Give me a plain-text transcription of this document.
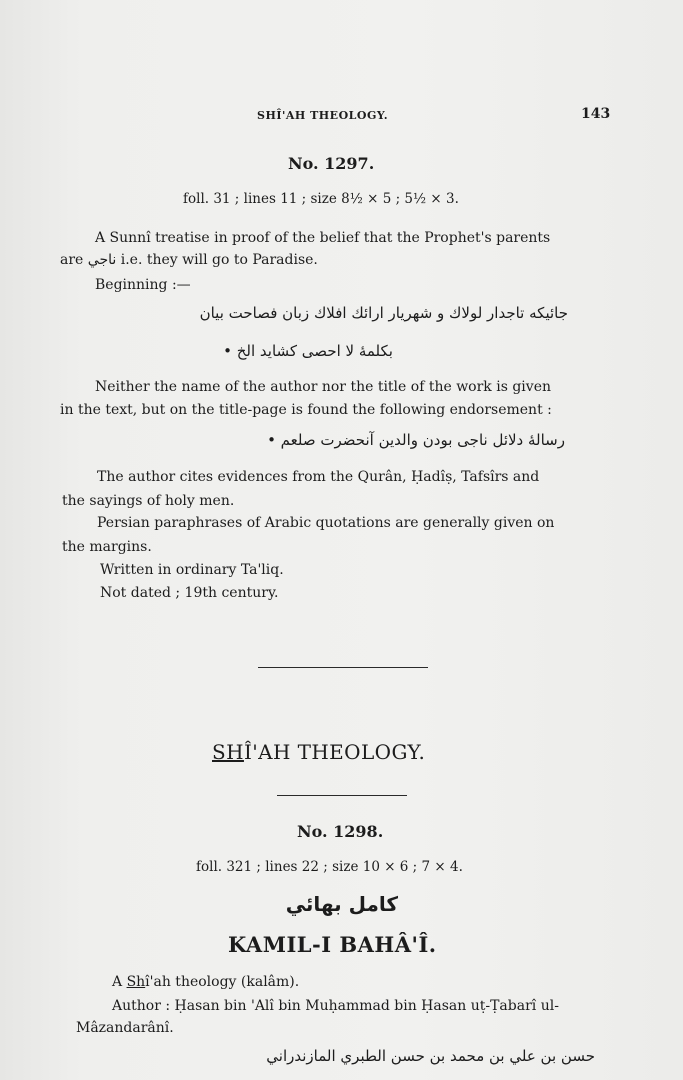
SHÎ'AH THEOLOGY.	143
No. 1297.
foll. 31 ; lines 11 ; size 8½ × 5 ; 5½ × 3.
A Sunnî treatise in proof of the belief that the Prophet's parents
are ناجي i.e. they will go to Paradise.
Beginning :—
جائيكه تاجدار لولاك و شهريار ارائك افلاك زبان فصاحت بيان
بكلمهٔ لا احصى كشايد الخ •
Neither the name of the author nor the title of the work is given
in the text, but on the title-page is found the following endorsement :
رسالهٔ دلائل ناجى بودن والدين آنحضرت صلعم •
The author cites evidences from the Qurân, Ḥadîṣ, Tafsîrs and
the sayings of holy men.
Persian paraphrases of Arabic quotations are generally given on
the margins.
Written in ordinary Ta'liq.
Not dated ; 19th century.
SHÎ'AH THEOLOGY.
No. 1298.
foll. 321 ; lines 22 ; size 10 × 6 ; 7 × 4.
كامل بهائي
KAMIL-I BAHÂ'Î.
A Shî'ah theology (kalâm).
Author : Ḥasan bin 'Alî bin Muḥammad bin Ḥasan uṭ-Ṭabarî ul-
Mâzandarânî.
حسن بن علي بن محمد بن حسن الطبري المازندراني
